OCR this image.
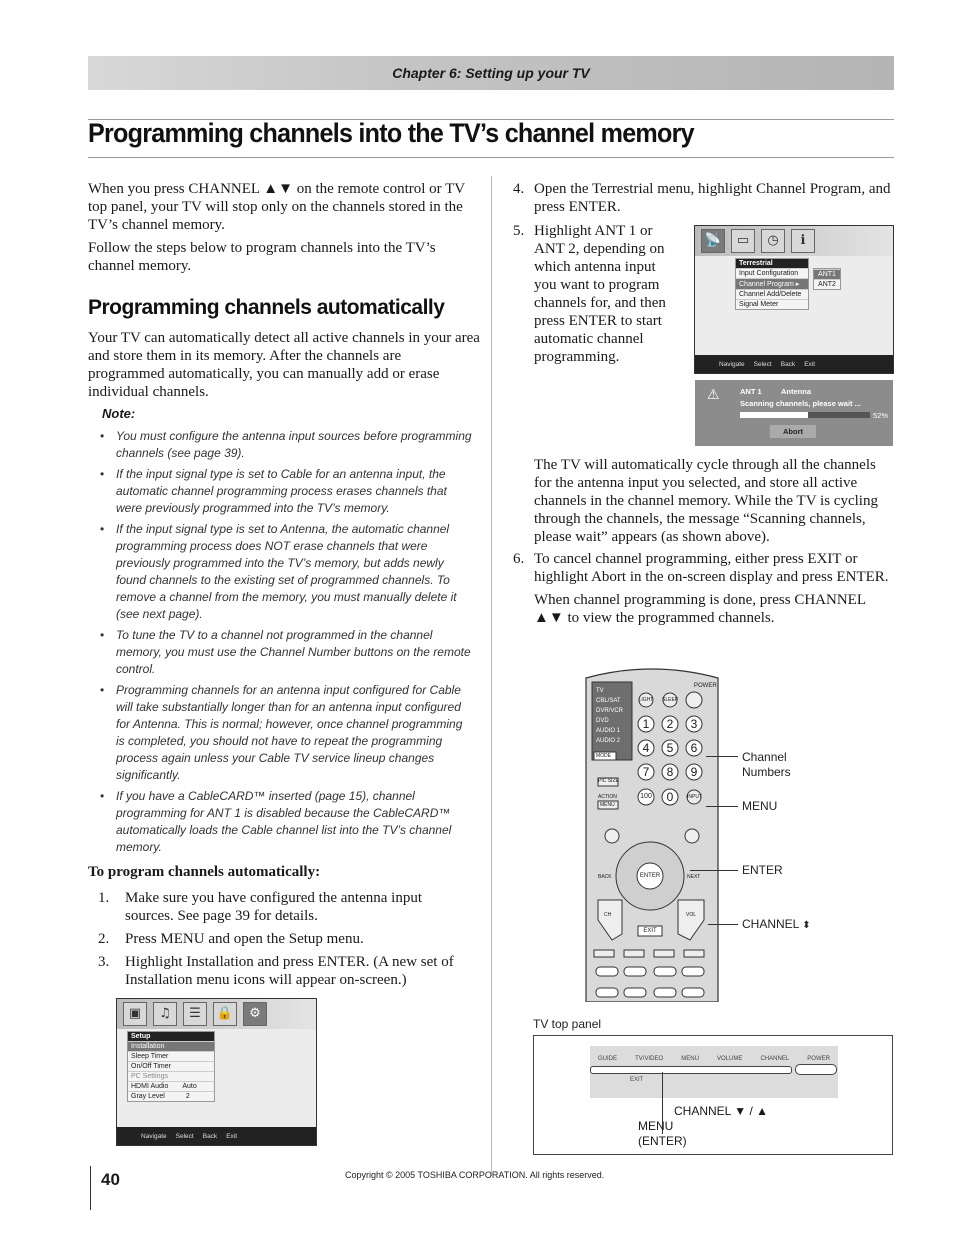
Chapter 6: Setting up your TV
Programming channels into the TV’s channel memory
When you press CHANNEL ▲▼ on the remote control or TV top panel, your TV will stop only on the channels stored in the TV’s channel memory.
Follow the steps below to program channels into the TV’s channel memory.
Programming channels automatically
Your TV can automatically detect all active channels in your area and store them in its memory. After the channels are programmed automatically, you can manually add or erase individual channels.
Note:
• You must configure the antenna input sources before programming channels (see page 39).
• If the input signal type is set to Cable for an antenna input, the automatic channel programming process erases channels that were previously programmed into the TV’s memory.
• If the input signal type is set to Antenna, the automatic channel programming process does NOT erase channels that were previously programmed into the TV’s memory, but adds newly found channels to the existing set of programmed channels. To remove a channel from the memory, you must manually delete it (see next page).
• To tune the TV to a channel not programmed in the channel memory, you must use the Channel Number buttons on the remote control.
• Programming channels for an antenna input configured for Cable will take substantially longer than for an antenna input configured for Antenna. This is normal; however, once channel programming is completed, you should not have to repeat the programming process again unless your Cable TV service lineup changes significantly.
• If you have a CableCARD™ inserted (page 15), channel programming for ANT 1 is disabled because the CableCARD™ automatically loads the Cable channel list into the TV’s channel memory.
To program channels automatically:
1. Make sure you have configured the antenna input sources. See page 39 for details.
2. Press MENU and open the Setup menu.
3. Highlight Installation and press ENTER. (A new set of Installation menu icons will appear on-screen.)
▣	♫	☰	🔒	⚙
Setup
Installation
Sleep Timer
On/Off Timer
PC Settings
HDMI Audio Auto
Gray Level	2
Navigate Select Back Exit
4. Open the Terrestrial menu, highlight Channel Program, and press ENTER.
5. Highlight ANT 1 or ANT 2, depending on which antenna input you want to program channels for, and then press ENTER to start automatic channel programming.
📡	▭	◷	ℹ
Terrestrial
Input Configuration
Channel Program ▸
Channel Add/Delete
Signal Meter
ANT1
ANT2
Navigate Select Back Exit
⚠	ANT 1	Antenna
Scanning channels, please wait ...
52%
Abort
The TV will automatically cycle through all the channels for the antenna input you selected, and store all active channels in the channel memory. While the TV is cycling through the channels, the message “Scanning channels, please wait” appears (as shown above).
6. To cancel channel programming, either press EXIT or highlight Abort in the on-screen display and press ENTER.
When channel programming is done, press CHANNEL ▲▼ to view the programmed channels.
POWER
TV
CBL/SAT
DVR/VCR
DVD
AUDIO 1
AUDIO 2
MODE
LIGHT SLEEP
1	2	3
4	5	6
7	8	9
100	0
PIC SIZE
ACTION
MENU
INPUT
ENTER
EXIT
BACK	NEXT
CH	VOL
Channel Numbers
MENU
ENTER
CHANNEL ⬍
TV top panel
GUIDE	TV/VIDEO	MENU	VOLUME	CHANNEL	POWER
EXIT
CHANNEL ▼ / ▲
MENU
(ENTER)
40	Copyright © 2005 TOSHIBA CORPORATION. All rights reserved.
